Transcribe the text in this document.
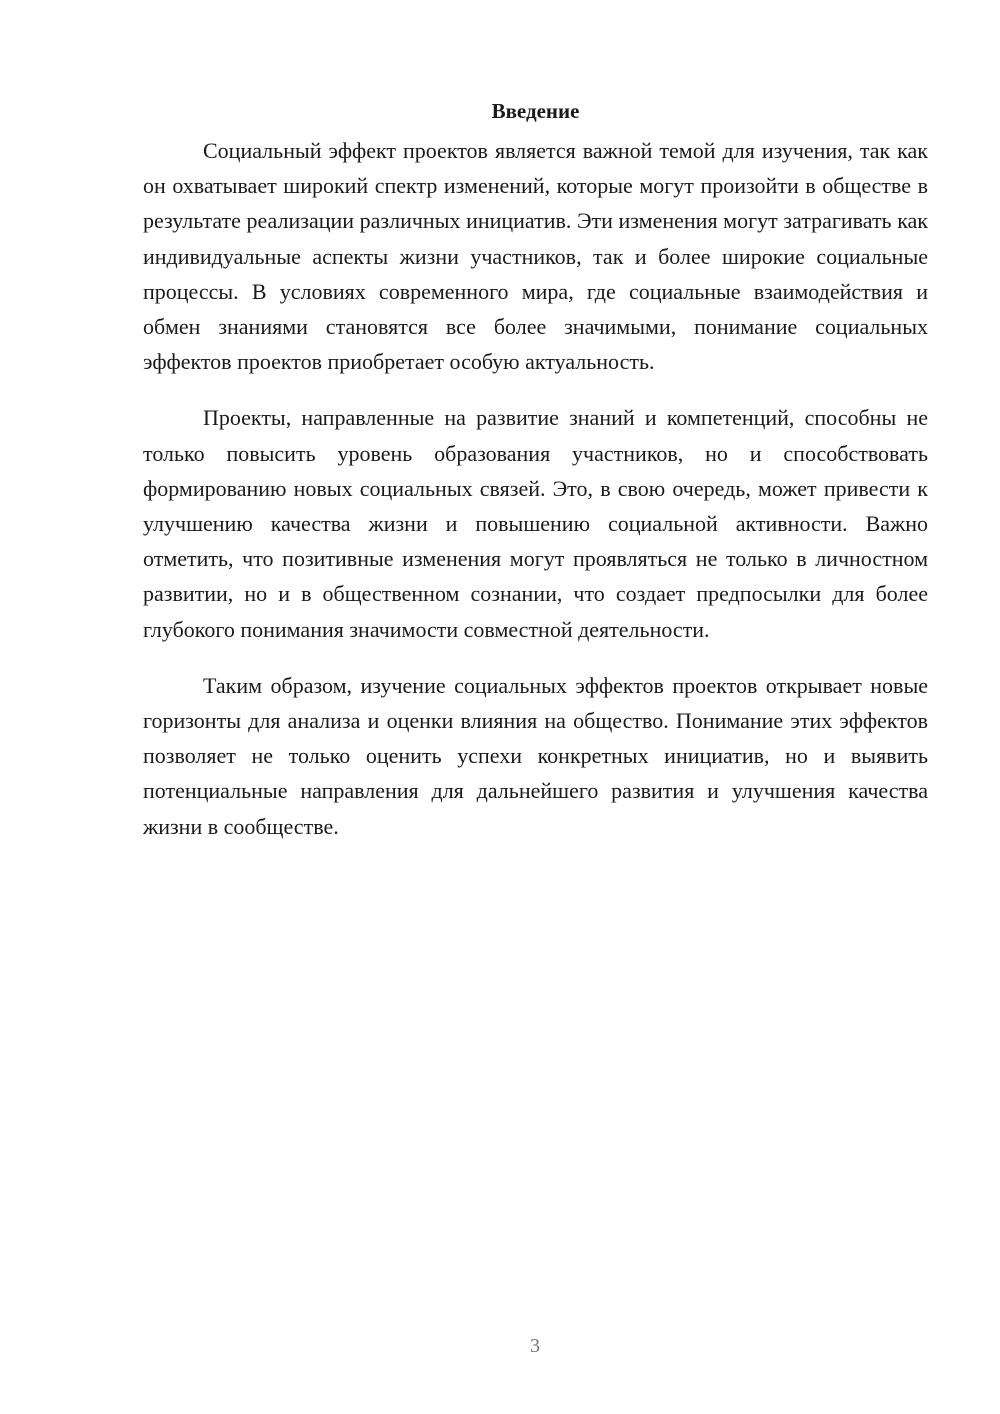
Введение

Социальный эффект проектов является важной темой для изучения, так как он охватывает широкий спектр изменений, которые могут произойти в обществе в результате реализации различных инициатив. Эти изменения могут затрагивать как индивидуальные аспекты жизни участников, так и более широкие социальные процессы. В условиях современного мира, где социальные взаимодействия и обмен знаниями становятся все более значимыми, понимание социальных эффектов проектов приобретает особую актуальность.

Проекты, направленные на развитие знаний и компетенций, способны не только повысить уровень образования участников, но и способствовать формированию новых социальных связей. Это, в свою очередь, может привести к улучшению качества жизни и повышению социальной активности. Важно отметить, что позитивные изменения могут проявляться не только в личностном развитии, но и в общественном сознании, что создает предпосылки для более глубокого понимания значимости совместной деятельности.

Таким образом, изучение социальных эффектов проектов открывает новые горизонты для анализа и оценки влияния на общество. Понимание этих эффектов позволяет не только оценить успехи конкретных инициатив, но и выявить потенциальные направления для дальнейшего развития и улучшения качества жизни в сообществе.

3
